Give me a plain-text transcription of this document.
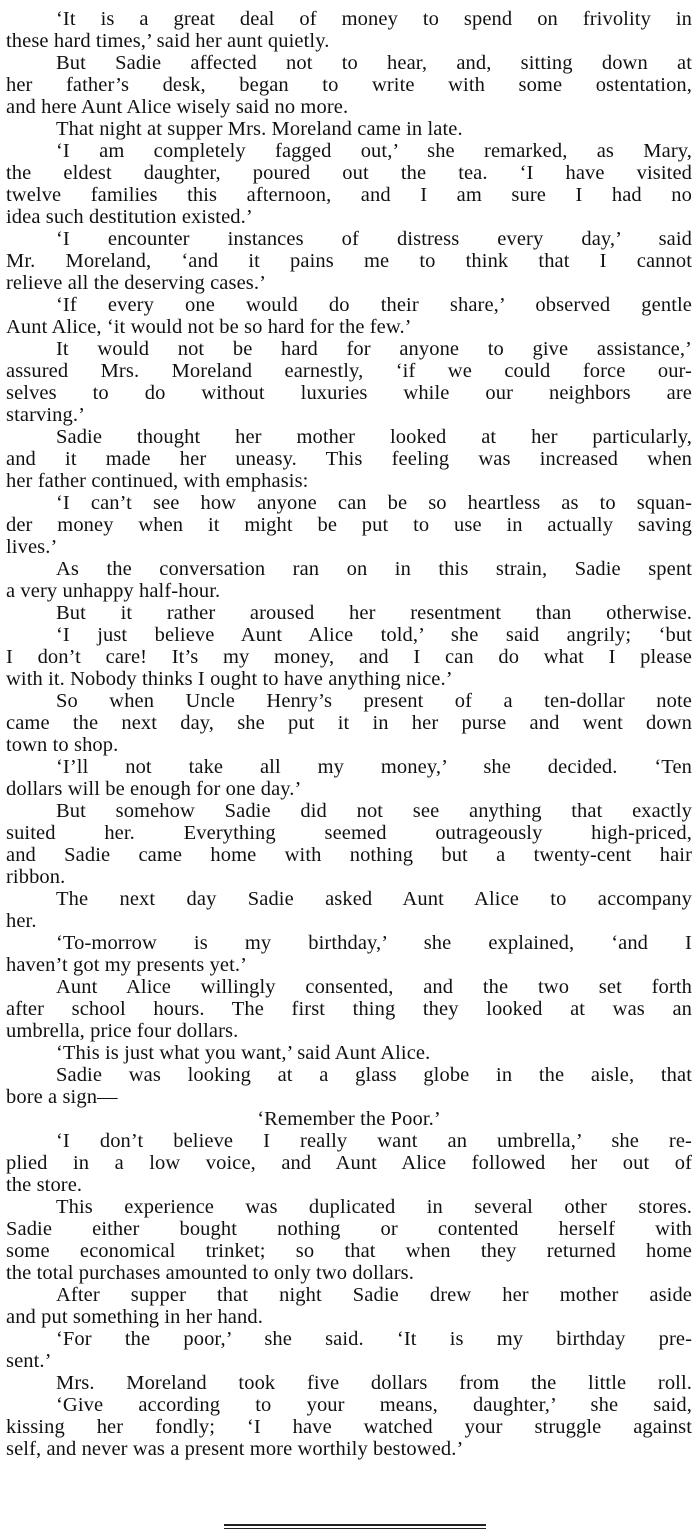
‘It is a great deal of money to spend on frivolity in
these hard times,’ said her aunt quietly.
But Sadie affected not to hear, and, sitting down at
her father’s desk, began to write with some ostentation,
and here Aunt Alice wisely said no more.
That night at supper Mrs. Moreland came in late.
‘I am completely fagged out,’ she remarked, as Mary,
the eldest daughter, poured out the tea. ‘I have visited
twelve families this afternoon, and I am sure I had no
idea such destitution existed.’
‘I encounter instances of distress every day,’ said
Mr. Moreland, ‘and it pains me to think that I cannot
relieve all the deserving cases.’
‘If every one would do their share,’ observed gentle
Aunt Alice, ‘it would not be so hard for the few.’
It would not be hard for anyone to give assistance,’
assured Mrs. Moreland earnestly, ‘if we could force our-
selves to do without luxuries while our neighbors are
starving.’
Sadie thought her mother looked at her particularly,
and it made her uneasy. This feeling was increased when
her father continued, with emphasis:
‘I can’t see how anyone can be so heartless as to squan-
der money when it might be put to use in actually saving
lives.’
As the conversation ran on in this strain, Sadie spent
a very unhappy half-hour.
But it rather aroused her resentment than otherwise.
‘I just believe Aunt Alice told,’ she said angrily; ‘but
I don’t care! It’s my money, and I can do what I please
with it. Nobody thinks I ought to have anything nice.’
So when Uncle Henry’s present of a ten-dollar note
came the next day, she put it in her purse and went down
town to shop.
‘I’ll not take all my money,’ she decided. ‘Ten
dollars will be enough for one day.’
But somehow Sadie did not see anything that exactly
suited her. Everything seemed outrageously high-priced,
and Sadie came home with nothing but a twenty-cent hair
ribbon.
The next day Sadie asked Aunt Alice to accompany
her.
‘To-morrow is my birthday,’ she explained, ‘and I
haven’t got my presents yet.’
Aunt Alice willingly consented, and the two set forth
after school hours. The first thing they looked at was an
umbrella, price four dollars.
‘This is just what you want,’ said Aunt Alice.
Sadie was looking at a glass globe in the aisle, that
bore a sign—
‘Remember the Poor.’
‘I don’t believe I really want an umbrella,’ she re-
plied in a low voice, and Aunt Alice followed her out of
the store.
This experience was duplicated in several other stores.
Sadie either bought nothing or contented herself with
some economical trinket; so that when they returned home
the total purchases amounted to only two dollars.
After supper that night Sadie drew her mother aside
and put something in her hand.
‘For the poor,’ she said. ‘It is my birthday pre-
sent.’
Mrs. Moreland took five dollars from the little roll.
‘Give according to your means, daughter,’ she said,
kissing her fondly; ‘I have watched your struggle against
self, and never was a present more worthily bestowed.’
